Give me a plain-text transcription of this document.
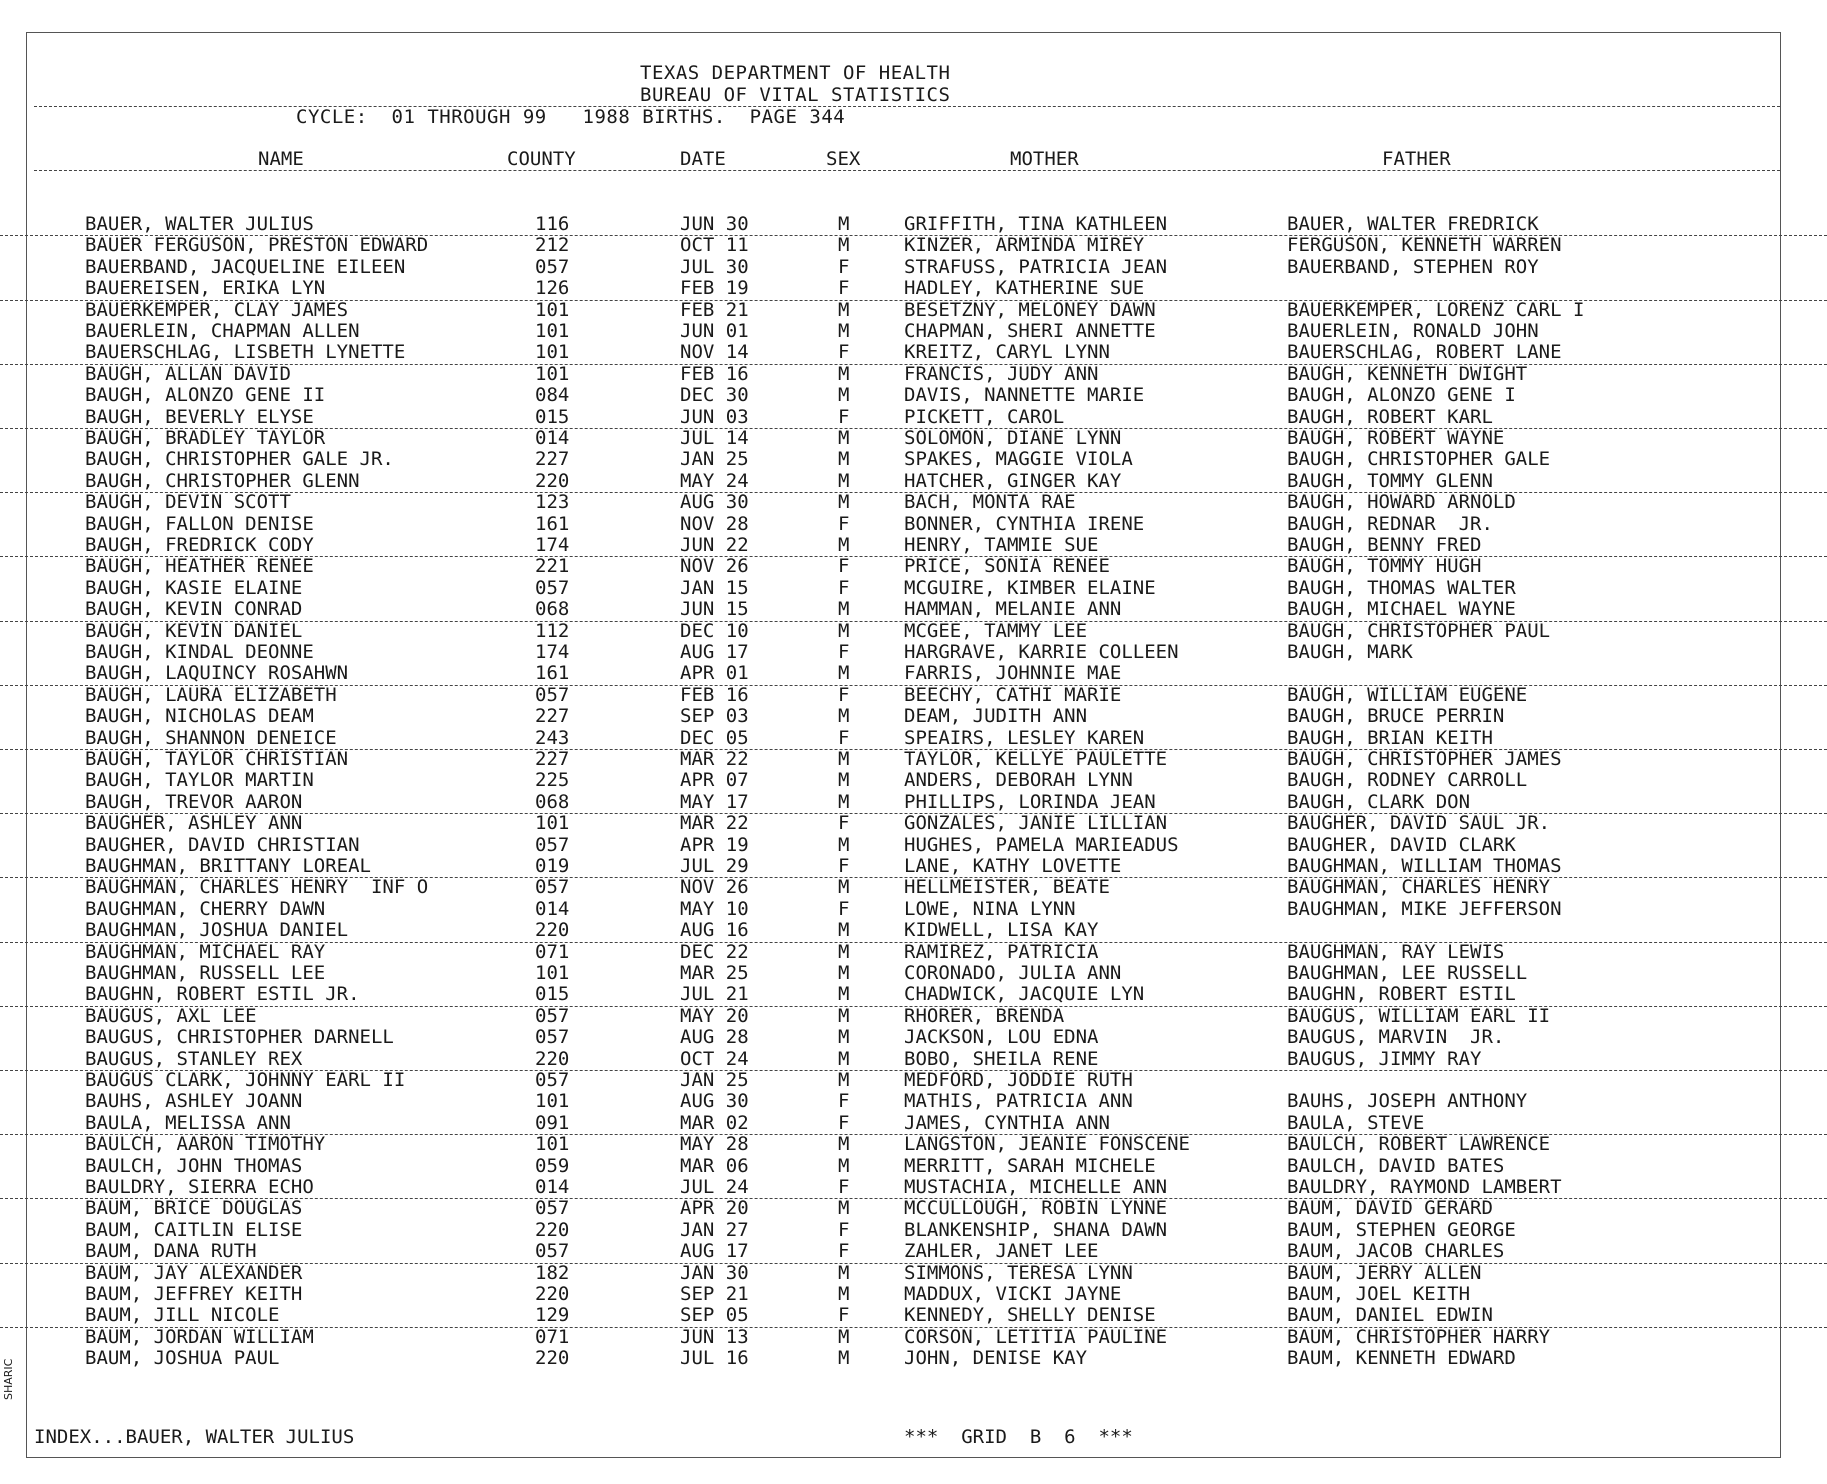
TEXAS DEPARTMENT OF HEALTH
BUREAU OF VITAL STATISTICS
CYCLE:  01 THROUGH 99   1988 BIRTHS.  PAGE 344
NAME	COUNTY	DATE	SEX	MOTHER	FATHER
BAUER, WALTER JULIUS	116	JUN 30	M	GRIFFITH, TINA KATHLEEN	BAUER, WALTER FREDRICK
BAUER FERGUSON, PRESTON EDWARD	212	OCT 11	M	KINZER, ARMINDA MIREY	FERGUSON, KENNETH WARREN
BAUERBAND, JACQUELINE EILEEN	057	JUL 30	F	STRAFUSS, PATRICIA JEAN	BAUERBAND, STEPHEN ROY
BAUEREISEN, ERIKA LYN	126	FEB 19	F	HADLEY, KATHERINE SUE
BAUERKEMPER, CLAY JAMES	101	FEB 21	M	BESETZNY, MELONEY DAWN	BAUERKEMPER, LORENZ CARL I
BAUERLEIN, CHAPMAN ALLEN	101	JUN 01	M	CHAPMAN, SHERI ANNETTE	BAUERLEIN, RONALD JOHN
BAUERSCHLAG, LISBETH LYNETTE	101	NOV 14	F	KREITZ, CARYL LYNN	BAUERSCHLAG, ROBERT LANE
BAUGH, ALLAN DAVID	101	FEB 16	M	FRANCIS, JUDY ANN	BAUGH, KENNETH DWIGHT
BAUGH, ALONZO GENE II	084	DEC 30	M	DAVIS, NANNETTE MARIE	BAUGH, ALONZO GENE I
BAUGH, BEVERLY ELYSE	015	JUN 03	F	PICKETT, CAROL	BAUGH, ROBERT KARL
BAUGH, BRADLEY TAYLOR	014	JUL 14	M	SOLOMON, DIANE LYNN	BAUGH, ROBERT WAYNE
BAUGH, CHRISTOPHER GALE JR.	227	JAN 25	M	SPAKES, MAGGIE VIOLA	BAUGH, CHRISTOPHER GALE
BAUGH, CHRISTOPHER GLENN	220	MAY 24	M	HATCHER, GINGER KAY	BAUGH, TOMMY GLENN
BAUGH, DEVIN SCOTT	123	AUG 30	M	BACH, MONTA RAE	BAUGH, HOWARD ARNOLD
BAUGH, FALLON DENISE	161	NOV 28	F	BONNER, CYNTHIA IRENE	BAUGH, REDNAR  JR.
BAUGH, FREDRICK CODY	174	JUN 22	M	HENRY, TAMMIE SUE	BAUGH, BENNY FRED
BAUGH, HEATHER RENEE	221	NOV 26	F	PRICE, SONIA RENEE	BAUGH, TOMMY HUGH
BAUGH, KASIE ELAINE	057	JAN 15	F	MCGUIRE, KIMBER ELAINE	BAUGH, THOMAS WALTER
BAUGH, KEVIN CONRAD	068	JUN 15	M	HAMMAN, MELANIE ANN	BAUGH, MICHAEL WAYNE
BAUGH, KEVIN DANIEL	112	DEC 10	M	MCGEE, TAMMY LEE	BAUGH, CHRISTOPHER PAUL
BAUGH, KINDAL DEONNE	174	AUG 17	F	HARGRAVE, KARRIE COLLEEN	BAUGH, MARK
BAUGH, LAQUINCY ROSAHWN	161	APR 01	M	FARRIS, JOHNNIE MAE
BAUGH, LAURA ELIZABETH	057	FEB 16	F	BEECHY, CATHI MARIE	BAUGH, WILLIAM EUGENE
BAUGH, NICHOLAS DEAM	227	SEP 03	M	DEAM, JUDITH ANN	BAUGH, BRUCE PERRIN
BAUGH, SHANNON DENEICE	243	DEC 05	F	SPEAIRS, LESLEY KAREN	BAUGH, BRIAN KEITH
BAUGH, TAYLOR CHRISTIAN	227	MAR 22	M	TAYLOR, KELLYE PAULETTE	BAUGH, CHRISTOPHER JAMES
BAUGH, TAYLOR MARTIN	225	APR 07	M	ANDERS, DEBORAH LYNN	BAUGH, RODNEY CARROLL
BAUGH, TREVOR AARON	068	MAY 17	M	PHILLIPS, LORINDA JEAN	BAUGH, CLARK DON
BAUGHER, ASHLEY ANN	101	MAR 22	F	GONZALES, JANIE LILLIAN	BAUGHER, DAVID SAUL JR.
BAUGHER, DAVID CHRISTIAN	057	APR 19	M	HUGHES, PAMELA MARIEADUS	BAUGHER, DAVID CLARK
BAUGHMAN, BRITTANY LOREAL	019	JUL 29	F	LANE, KATHY LOVETTE	BAUGHMAN, WILLIAM THOMAS
BAUGHMAN, CHARLES HENRY  INF O	057	NOV 26	M	HELLMEISTER, BEATE	BAUGHMAN, CHARLES HENRY
BAUGHMAN, CHERRY DAWN	014	MAY 10	F	LOWE, NINA LYNN	BAUGHMAN, MIKE JEFFERSON
BAUGHMAN, JOSHUA DANIEL	220	AUG 16	M	KIDWELL, LISA KAY
BAUGHMAN, MICHAEL RAY	071	DEC 22	M	RAMIREZ, PATRICIA	BAUGHMAN, RAY LEWIS
BAUGHMAN, RUSSELL LEE	101	MAR 25	M	CORONADO, JULIA ANN	BAUGHMAN, LEE RUSSELL
BAUGHN, ROBERT ESTIL JR.	015	JUL 21	M	CHADWICK, JACQUIE LYN	BAUGHN, ROBERT ESTIL
BAUGUS, AXL LEE	057	MAY 20	M	RHORER, BRENDA	BAUGUS, WILLIAM EARL II
BAUGUS, CHRISTOPHER DARNELL	057	AUG 28	M	JACKSON, LOU EDNA	BAUGUS, MARVIN  JR.
BAUGUS, STANLEY REX	220	OCT 24	M	BOBO, SHEILA RENE	BAUGUS, JIMMY RAY
BAUGUS CLARK, JOHNNY EARL II	057	JAN 25	M	MEDFORD, JODDIE RUTH
BAUHS, ASHLEY JOANN	101	AUG 30	F	MATHIS, PATRICIA ANN	BAUHS, JOSEPH ANTHONY
BAULA, MELISSA ANN	091	MAR 02	F	JAMES, CYNTHIA ANN	BAULA, STEVE
BAULCH, AARON TIMOTHY	101	MAY 28	M	LANGSTON, JEANIE FONSCENE	BAULCH, ROBERT LAWRENCE
BAULCH, JOHN THOMAS	059	MAR 06	M	MERRITT, SARAH MICHELE	BAULCH, DAVID BATES
BAULDRY, SIERRA ECHO	014	JUL 24	F	MUSTACHIA, MICHELLE ANN	BAULDRY, RAYMOND LAMBERT
BAUM, BRICE DOUGLAS	057	APR 20	M	MCCULLOUGH, ROBIN LYNNE	BAUM, DAVID GERARD
BAUM, CAITLIN ELISE	220	JAN 27	F	BLANKENSHIP, SHANA DAWN	BAUM, STEPHEN GEORGE
BAUM, DANA RUTH	057	AUG 17	F	ZAHLER, JANET LEE	BAUM, JACOB CHARLES
BAUM, JAY ALEXANDER	182	JAN 30	M	SIMMONS, TERESA LYNN	BAUM, JERRY ALLEN
BAUM, JEFFREY KEITH	220	SEP 21	M	MADDUX, VICKI JAYNE	BAUM, JOEL KEITH
BAUM, JILL NICOLE	129	SEP 05	F	KENNEDY, SHELLY DENISE	BAUM, DANIEL EDWIN
BAUM, JORDAN WILLIAM	071	JUN 13	M	CORSON, LETITIA PAULINE	BAUM, CHRISTOPHER HARRY
BAUM, JOSHUA PAUL	220	JUL 16	M	JOHN, DENISE KAY	BAUM, KENNETH EDWARD
INDEX...BAUER, WALTER JULIUS	***  GRID  B  6  ***
SHARIC
